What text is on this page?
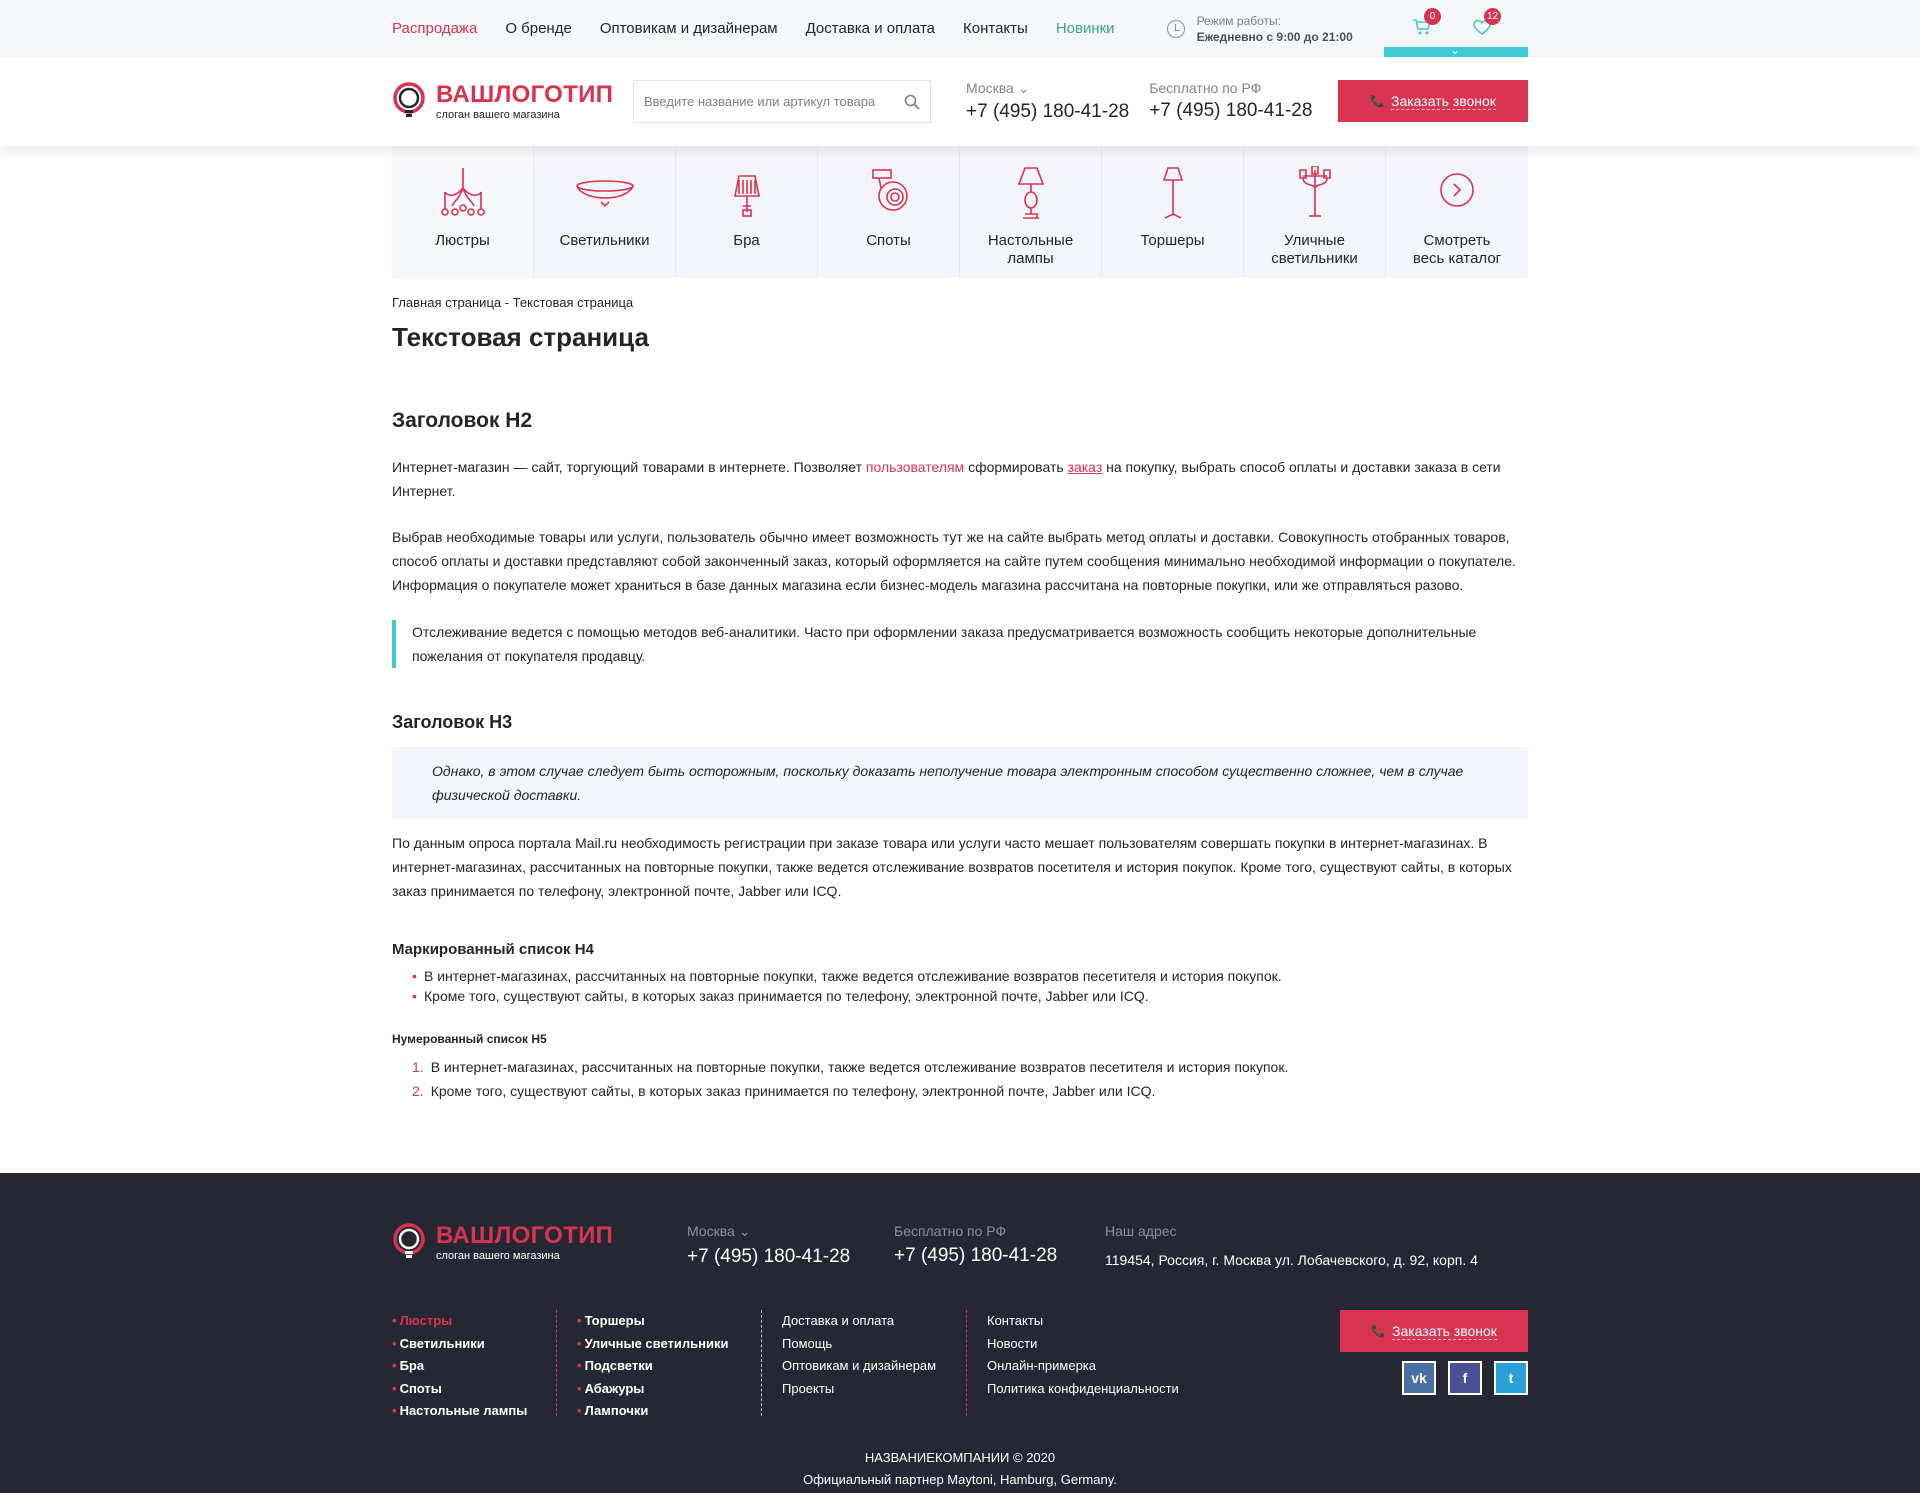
Распродажа О бренде Оптовикам и дизайнерам Доставка и оплата Контакты Новинки	Режим работы:
Ежедневно с 9:00 до 21:00
0	12
⌄
ВАШЛОГОТИП
слоган вашего магазина
Введите название или артикул товара
Москва ⌄
+7 (495) 180-41-28
Бесплатно по РФ
+7 (495) 180-41-28	📞 Заказать звонок
Люстры	Светильники	Бра	Споты	Настольные
лампы
Торшеры	Уличные
светильники
Смотреть
весь каталог
Главная страница - Текстовая страница
Текстовая страница
Заголовок H2

Интернет-магазин — сайт, торгующий товарами в интернете. Позволяет пользователям сформировать заказ на покупку, выбрать способ оплаты и доставки заказа в сети Интернет.

Выбрав необходимые товары или услуги, пользователь обычно имеет возможность тут же на сайте выбрать метод оплаты и доставки. Совокупность отобранных товаров, способ оплаты и доставки представляют собой законченный заказ, который оформляется на сайте путем сообщения минимально необходимой информации о покупателе. Информация о покупателе может храниться в базе данных магазина если бизнес-модель магазина рассчитана на повторные покупки, или же отправляться разово.

Отслеживание ведется с помощью методов веб-аналитики. Часто при оформлении заказа предусматривается возможность сообщить некоторые дополнительные пожелания от покупателя продавцу.
Заголовок H3
Однако, в этом случае следует быть осторожным, поскольку доказать неполучение товара электронным способом существенно сложнее, чем в случае физической доставки.

По данным опроса портала Mail.ru необходимость регистрации при заказе товара или услуги часто мешает пользователям совершать покупки в интернет-магазинах. В интернет-магазинах, рассчитанных на повторные покупки, также ведется отслеживание возвратов посетителя и история покупок. Кроме того, существуют сайты, в которых заказ принимается по телефону, электронной почте, Jabber или ICQ.

Маркированный список H4
• В интернет-магазинах, рассчитанных на повторные покупки, также ведется отслеживание возвратов песетителя и история покупок.
• Кроме того, существуют сайты, в которых заказ принимается по телефону, электронной почте, Jabber или ICQ.
Нумерованный список H5
1. В интернет-магазинах, рассчитанных на повторные покупки, также ведется отслеживание возвратов песетителя и история покупок.
2. Кроме того, существуют сайты, в которых заказ принимается по телефону, электронной почте, Jabber или ICQ.
ВАШЛОГОТИП
слоган вашего магазина
Москва ⌄
+7 (495) 180-41-28
Бесплатно по РФ
+7 (495) 180-41-28
Наш адрес
119454, Россия, г. Москва ул. Лобачевского, д. 92, корп. 4
• Люстры
• Светильники
• Бра
• Споты
• Настольные лампы
• Торшеры
• Уличные светильники
• Подсветки
• Абажуры
• Лампочки
Доставка и оплата
Помощь
Оптовикам и дизайнерам
Проекты
Контакты
Новости
Онлайн-примерка
Политика конфиденциальности
📞 Заказать звонок
vk	f	t
НАЗВАНИЕКОМПАНИИ © 2020
Официальный партнер Maytoni, Hamburg, Germany.
